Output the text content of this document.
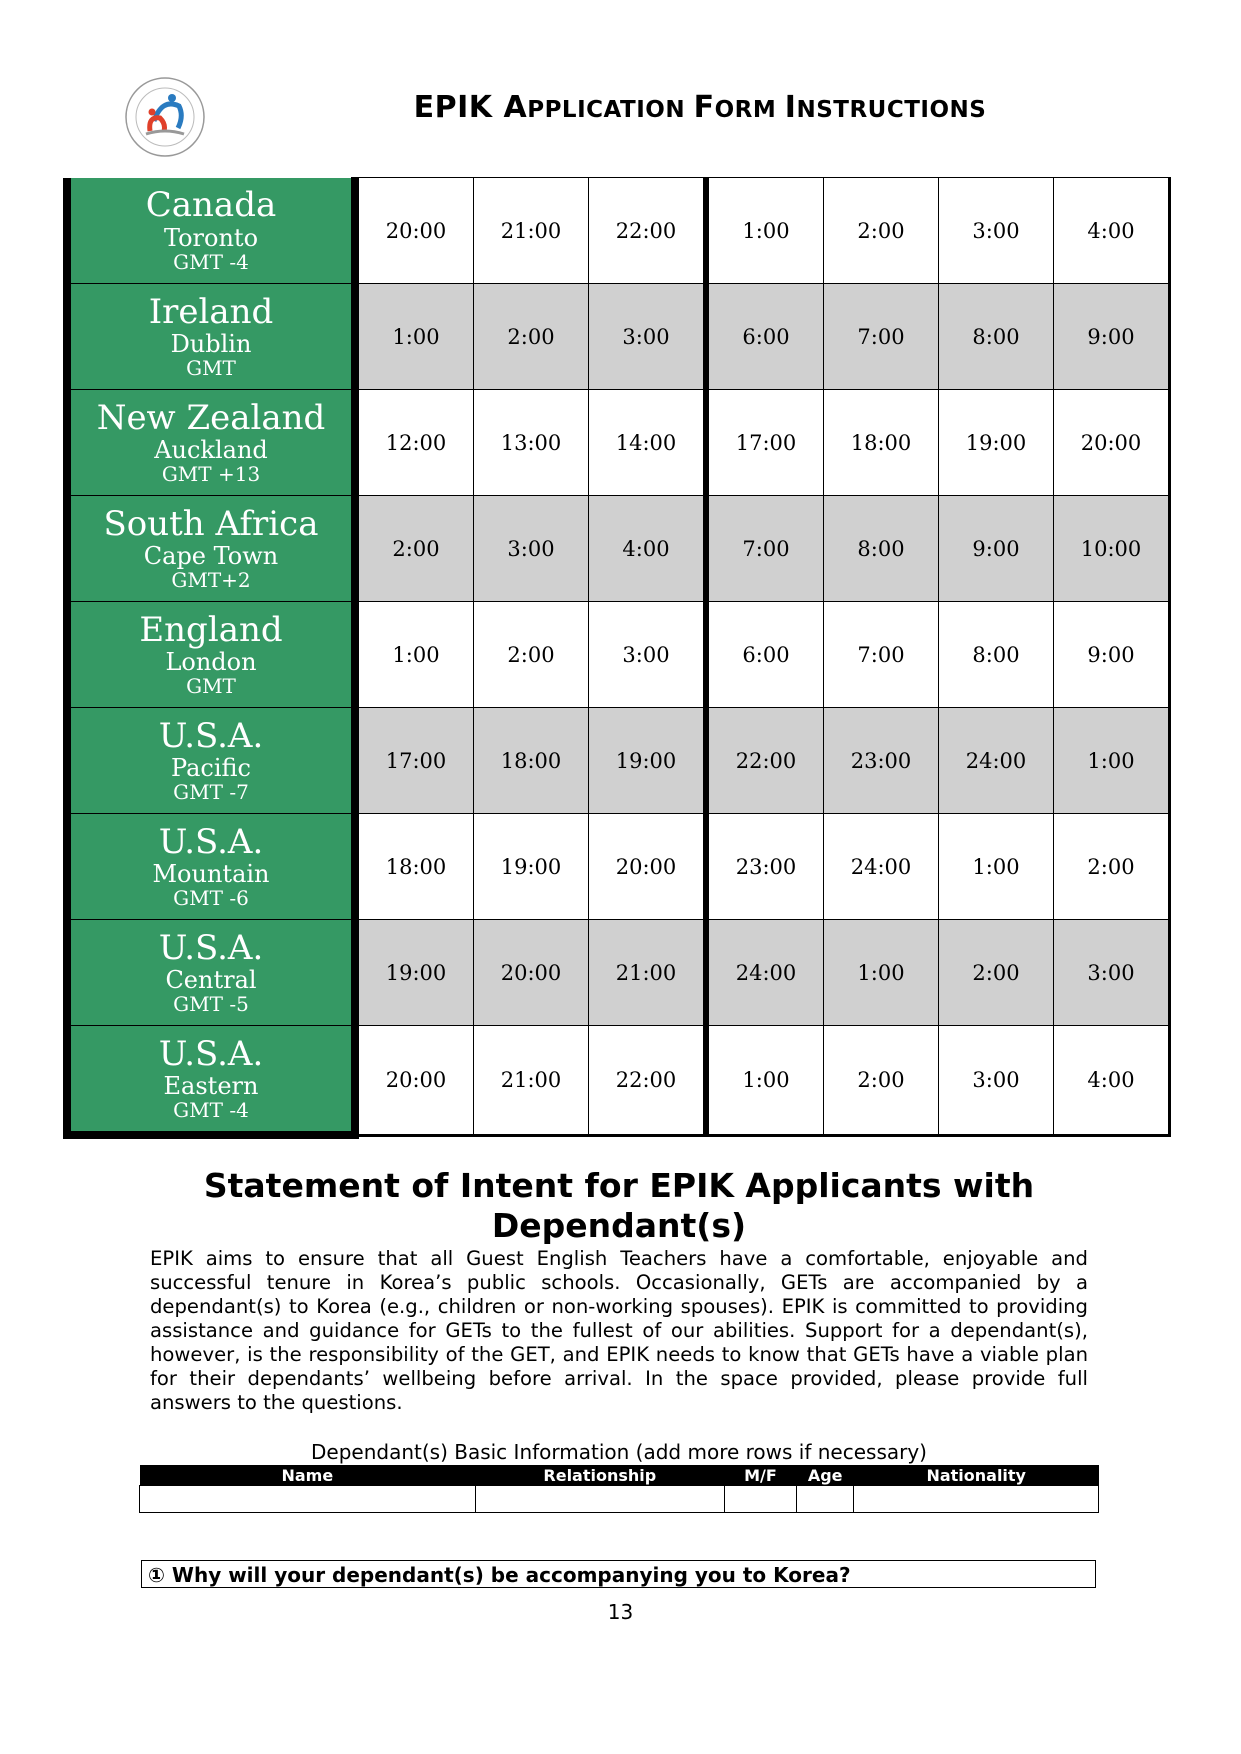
EPIK APPLICATION FORM INSTRUCTIONS
Canada
Toronto
GMT -4	20:00	21:00	22:00	1:00	2:00	3:00	4:00

Ireland
Dublin
GMT	1:00	2:00	3:00	6:00	7:00	8:00	9:00

New Zealand
Auckland
GMT +13	12:00	13:00	14:00	17:00	18:00	19:00	20:00

South Africa
Cape Town
GMT+2	2:00	3:00	4:00	7:00	8:00	9:00	10:00

England
London
GMT	1:00	2:00	3:00	6:00	7:00	8:00	9:00

U.S.A.
Pacific
GMT -7	17:00	18:00	19:00	22:00	23:00	24:00	1:00

U.S.A.
Mountain
GMT -6	18:00	19:00	20:00	23:00	24:00	1:00	2:00

U.S.A.
Central
GMT -5	19:00	20:00	21:00	24:00	1:00	2:00	3:00

U.S.A.
Eastern
GMT -4	20:00	21:00	22:00	1:00	2:00	3:00	4:00
Statement of Intent for EPIK Applicants with Dependant(s)
EPIK aims to ensure that all Guest English Teachers have a comfortable, enjoyable and successful tenure in Korea’s public schools. Occasionally, GETs are accompanied by a dependant(s) to Korea (e.g., children or non-working spouses). EPIK is committed to providing assistance and guidance for GETs to the fullest of our abilities. Support for a dependant(s), however, is the responsibility of the GET, and EPIK needs to know that GETs have a viable plan for their dependants’ wellbeing before arrival. In the space provided, please provide full answers to the questions.
Dependant(s) Basic Information (add more rows if necessary)
Name	Relationship	M/F	Age	Nationality

① Why will your dependant(s) be accompanying you to Korea?
13
